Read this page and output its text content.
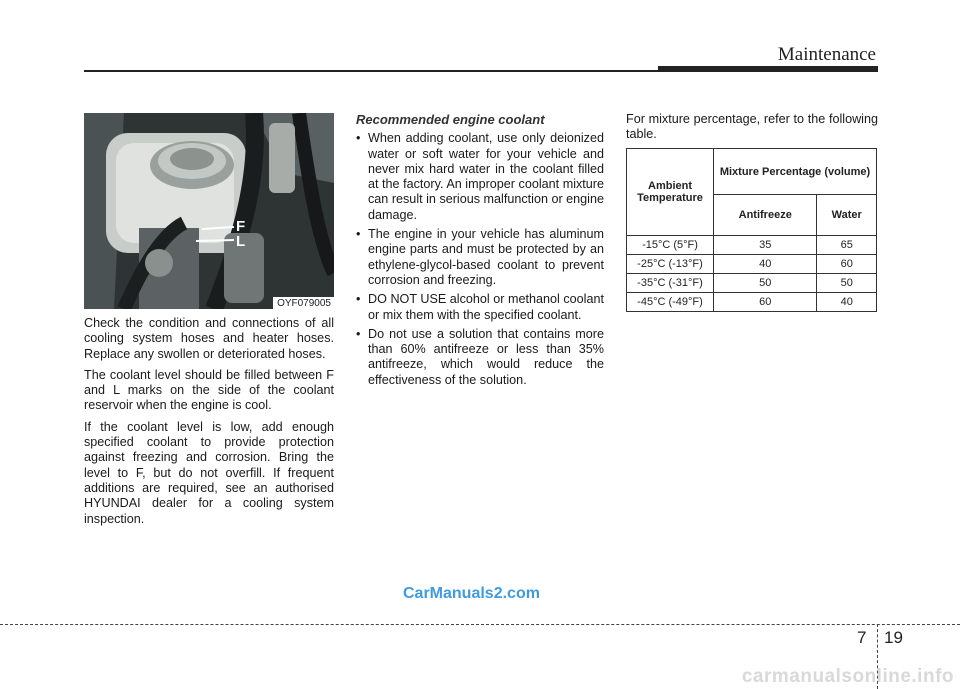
Maintenance
F
L
OYF079005

Check the condition and connections of all cooling system hoses and heater hoses. Replace any swollen or deteriorated hoses.

The coolant level should be filled between F and L marks on the side of the coolant reservoir when the engine is cool.

If the coolant level is low, add enough specified coolant to provide protection against freezing and corrosion. Bring the level to F, but do not overfill. If frequent additions are required, see an authorised HYUNDAI dealer for a cooling system inspection.

Recommended engine coolant
• When adding coolant, use only deionized water or soft water for your vehicle and never mix hard water in the coolant filled at the factory. An improper coolant mixture can result in serious malfunction or engine damage.
• The engine in your vehicle has aluminum engine parts and must be protected by an ethylene-glycol-based coolant to prevent corrosion and freezing.
• DO NOT USE alcohol or methanol coolant or mix them with the specified coolant.
• Do not use a solution that contains more than 60% antifreeze or less than 35% antifreeze, which would reduce the effectiveness of the solution.

For mixture percentage, refer to the following table.

Ambient Temperature	Mixture Percentage (volume)	
	Antifreeze	Water
-15°C (5°F)	35	65
-25°C (-13°F)	40	60
-35°C (-31°F)	50	50
-45°C (-49°F)	60	40
CarManuals2.com
7 19
carmanualsonline.info
